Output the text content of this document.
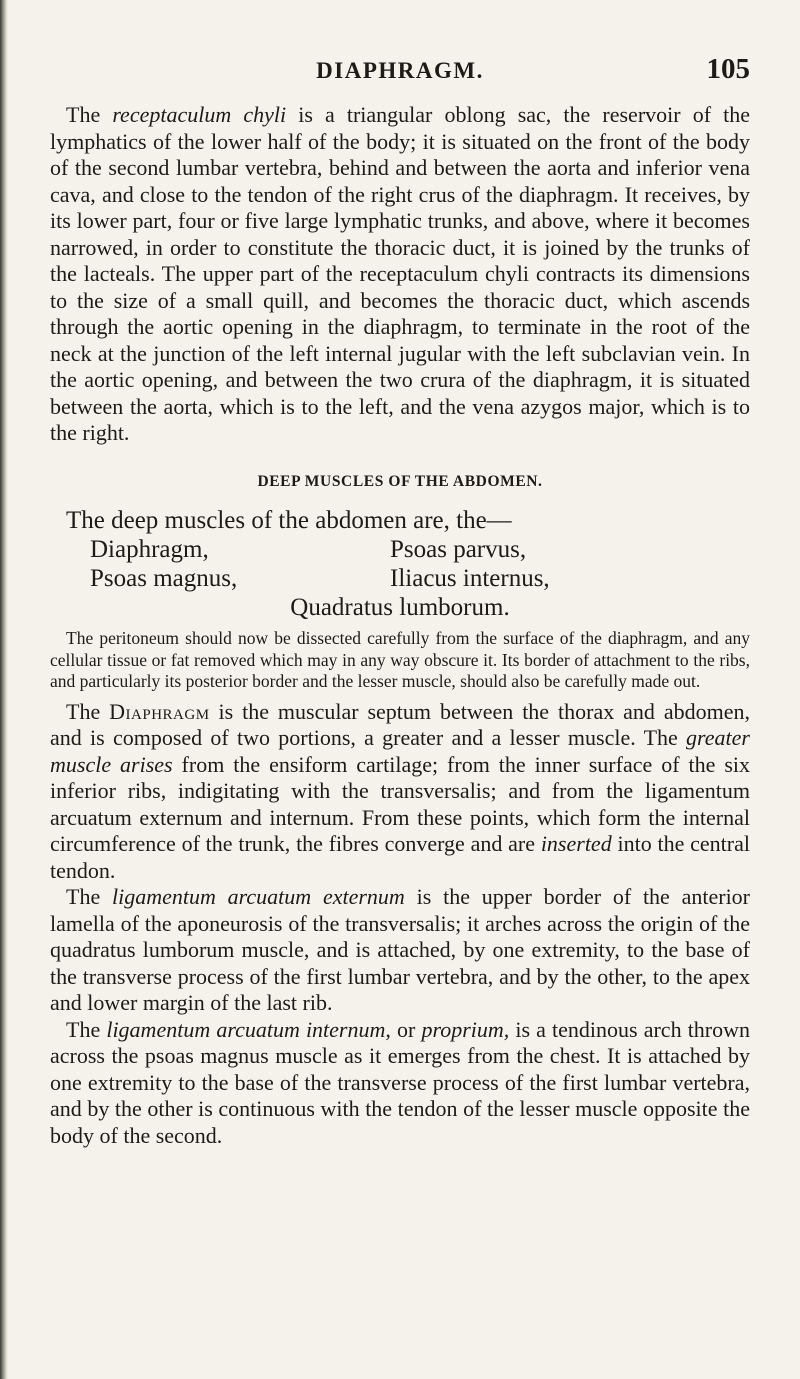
DIAPHRAGM.	105

The receptaculum chyli is a triangular oblong sac, the reservoir of the lymphatics of the lower half of the body; it is situated on the front of the body of the second lumbar vertebra, behind and between the aorta and inferior vena cava, and close to the tendon of the right crus of the diaphragm. It receives, by its lower part, four or five large lymphatic trunks, and above, where it becomes narrowed, in order to constitute the thoracic duct, it is joined by the trunks of the lacteals. The upper part of the receptaculum chyli contracts its dimensions to the size of a small quill, and becomes the thoracic duct, which ascends through the aortic opening in the diaphragm, to terminate in the root of the neck at the junction of the left internal jugular with the left subclavian vein. In the aortic opening, and between the two crura of the diaphragm, it is situated between the aorta, which is to the left, and the vena azygos major, which is to the right.

DEEP MUSCLES OF THE ABDOMEN.
The deep muscles of the abdomen are, the—
Diaphragm,	Psoas parvus,
Psoas magnus,	Iliacus internus,
Quadratus lumborum.

The peritoneum should now be dissected carefully from the surface of the diaphragm, and any cellular tissue or fat removed which may in any way obscure it. Its border of attachment to the ribs, and particularly its posterior border and the lesser muscle, should also be carefully made out.

The Diaphragm is the muscular septum between the thorax and abdomen, and is composed of two portions, a greater and a lesser muscle. The greater muscle arises from the ensiform cartilage; from the inner surface of the six inferior ribs, indigitating with the transversalis; and from the ligamentum arcuatum externum and internum. From these points, which form the internal circumference of the trunk, the fibres converge and are inserted into the central tendon.

The ligamentum arcuatum externum is the upper border of the anterior lamella of the aponeurosis of the transversalis; it arches across the origin of the quadratus lumborum muscle, and is attached, by one extremity, to the base of the transverse process of the first lumbar vertebra, and by the other, to the apex and lower margin of the last rib.

The ligamentum arcuatum internum, or proprium, is a tendinous arch thrown across the psoas magnus muscle as it emerges from the chest. It is attached by one extremity to the base of the transverse process of the first lumbar vertebra, and by the other is continuous with the tendon of the lesser muscle opposite the body of the second.
